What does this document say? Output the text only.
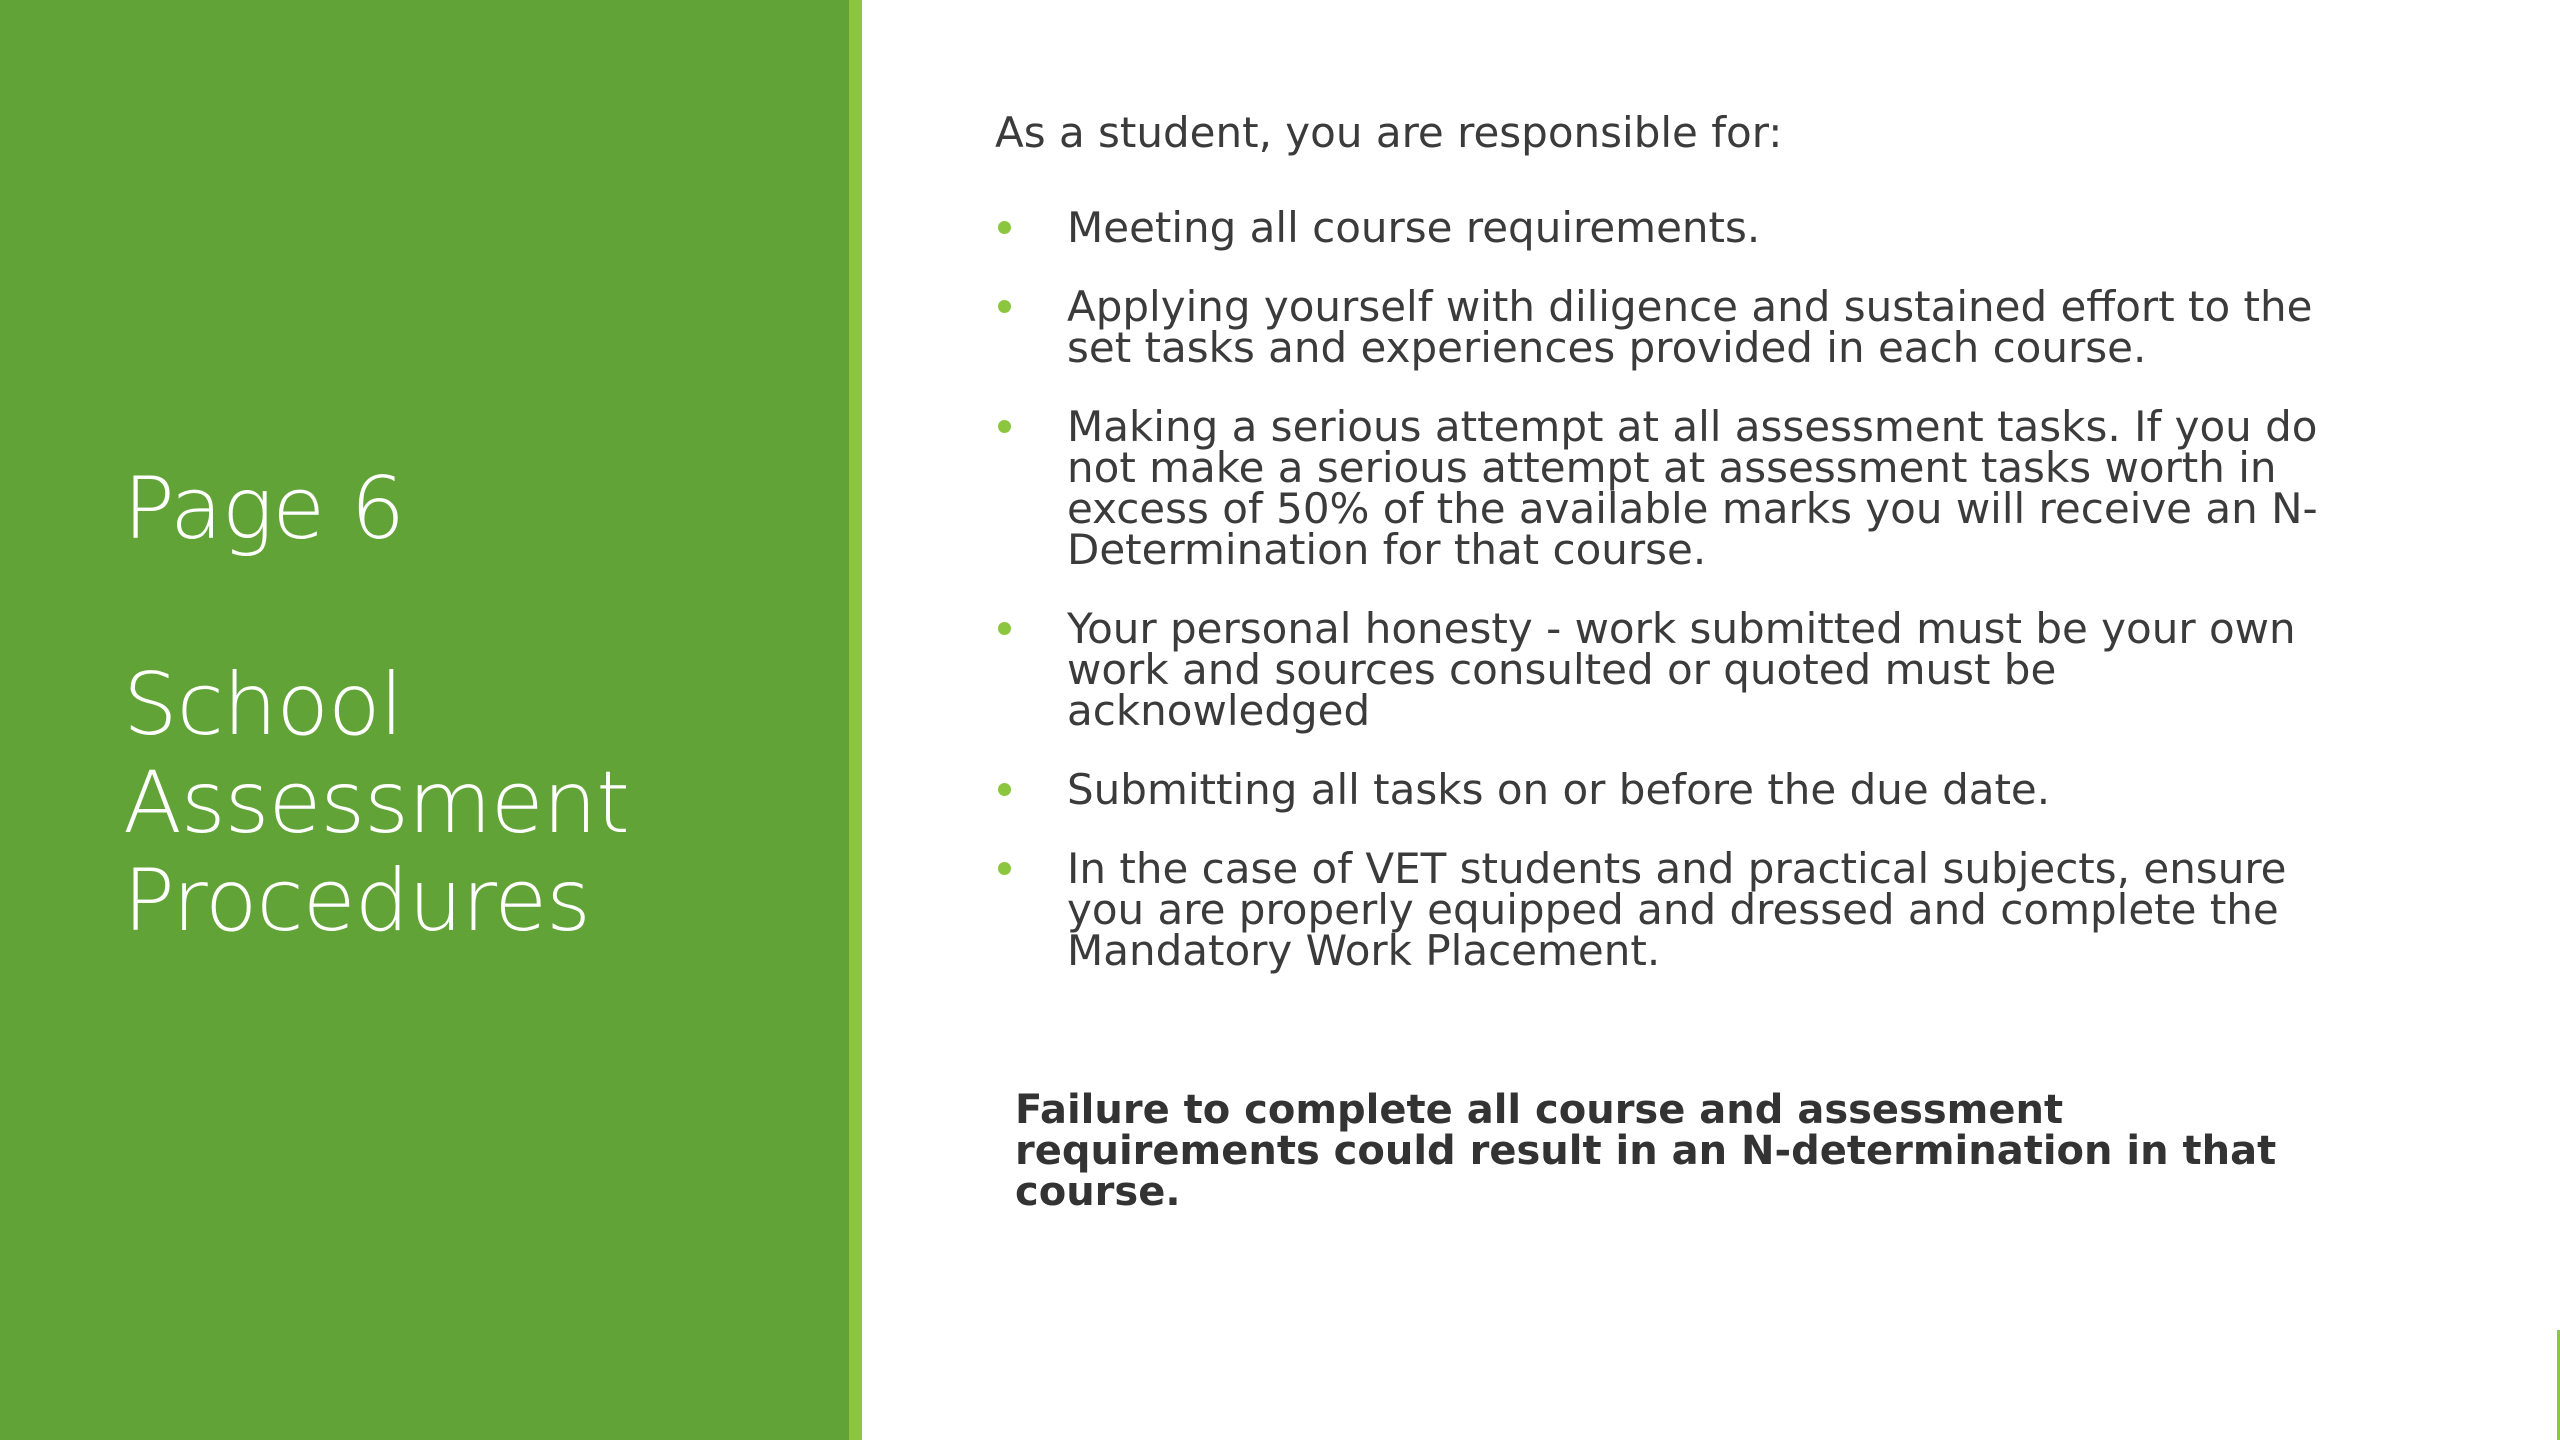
Page 6
School
Assessment
Procedures

As a student, you are responsible for:

Meeting all course requirements.
Applying yourself with diligence and sustained effort to the set tasks and experiences provided in each course.
Making a serious attempt at all assessment tasks. If you do not make a serious attempt at assessment tasks worth in excess of 50% of the available marks you will receive an N-Determination for that course.
Your personal honesty - work submitted must be your own work and sources consulted or quoted must be acknowledged
Submitting all tasks on or before the due date.
In the case of VET students and practical subjects, ensure you are properly equipped and dressed and complete the Mandatory Work Placement.
Failure to complete all course and assessment requirements could result in an N-determination in that course.
